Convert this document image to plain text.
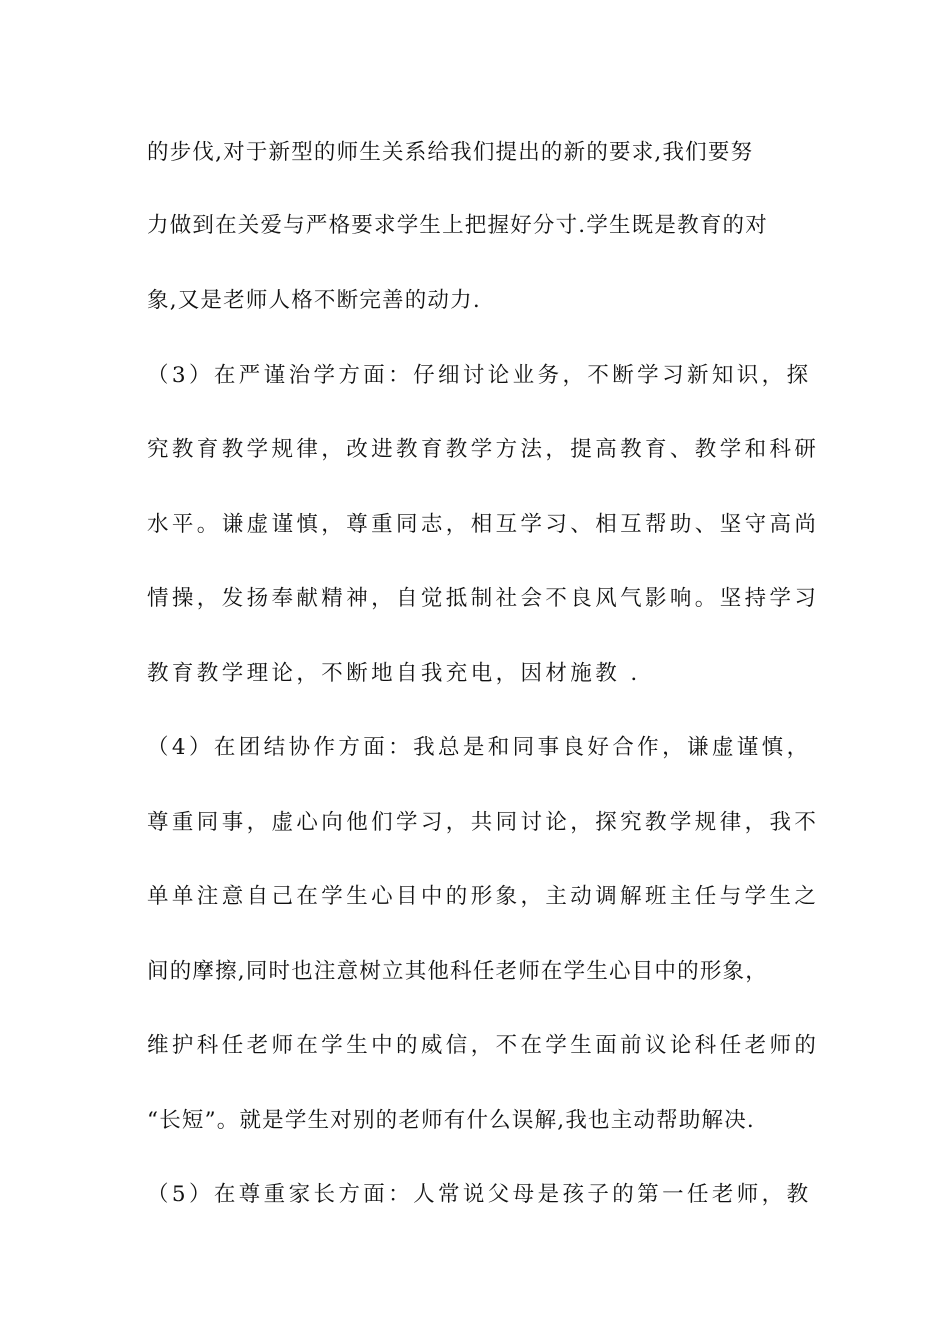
的步伐,对于新型的师生关系给我们提出的新的要求,我们要努
力做到在关爱与严格要求学生上把握好分寸.学生既是教育的对
象,又是老师人格不断完善的动力.
（3）在严谨治学方面：仔细讨论业务，不断学习新知识，探
究教育教学规律，改进教育教学方法，提高教育、教学和科研
水平。谦虚谨慎，尊重同志，相互学习、相互帮助、坚守高尚
情操，发扬奉献精神，自觉抵制社会不良风气影响。坚持学习
教育教学理论，不断地自我充电，因材施教 .
（4）在团结协作方面：我总是和同事良好合作，谦虚谨慎，
尊重同事，虚心向他们学习，共同讨论，探究教学规律，我不
单单注意自己在学生心目中的形象，主动调解班主任与学生之
间的摩擦,同时也注意树立其他科任老师在学生心目中的形象，
维护科任老师在学生中的威信，不在学生面前议论科任老师的
“长短”。就是学生对别的老师有什么误解,我也主动帮助解决.
（5）在尊重家长方面：人常说父母是孩子的第一任老师，教
